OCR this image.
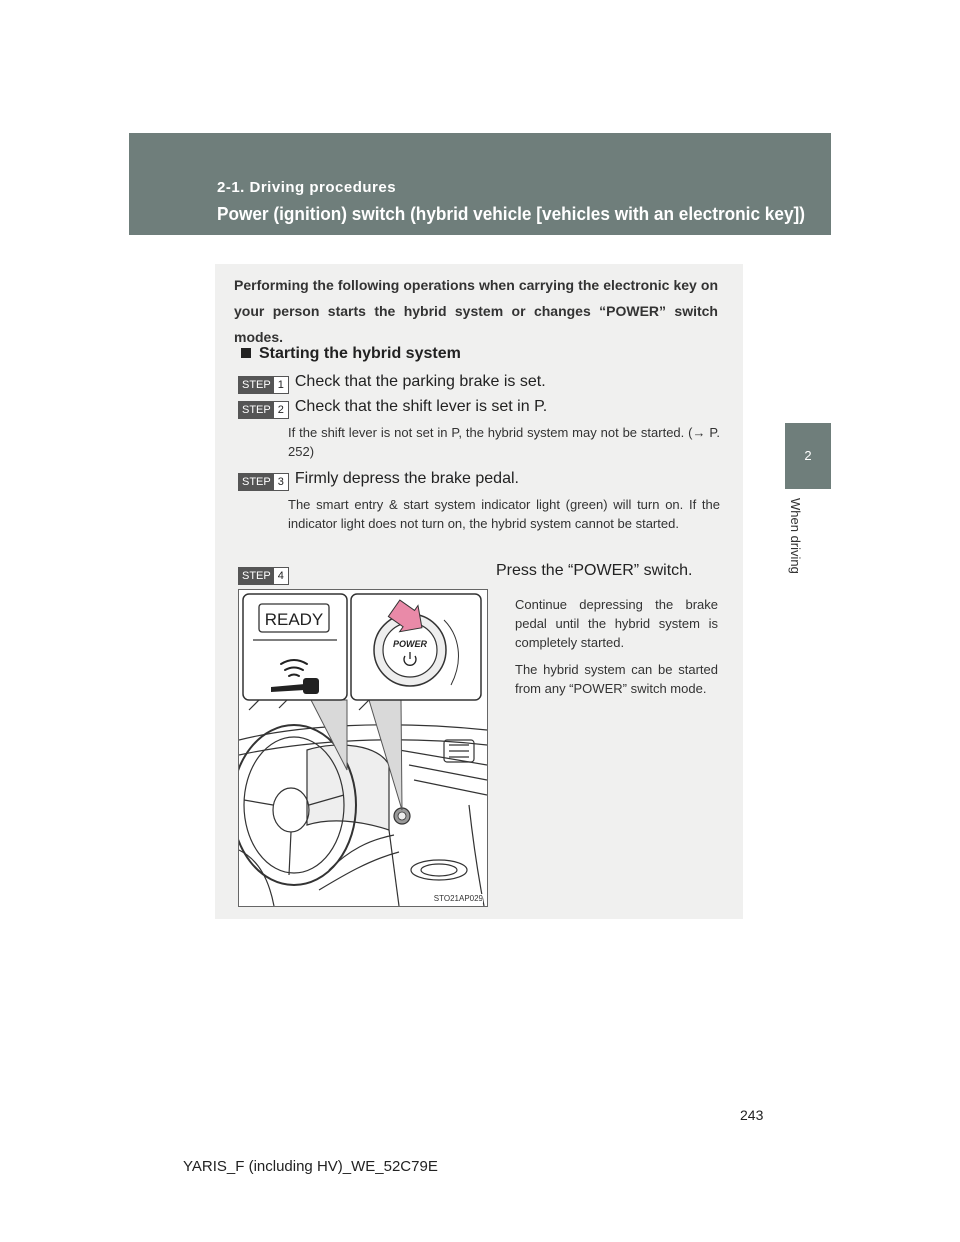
2-1. Driving procedures
Power (ignition) switch (hybrid vehicle [vehicles with an electronic key])
2
When driving
Performing the following operations when carrying the electronic key on your person starts the hybrid system or changes “POWER” switch modes.
Starting the hybrid system
STEP 1 Check that the parking brake is set.
STEP 2 Check that the shift lever is set in P.
If the shift lever is not set in P, the hybrid system may not be started. (→ P. 252)
STEP 3 Firmly depress the brake pedal.
The smart entry & start system indicator light (green) will turn on. If the indicator light does not turn on, the hybrid system cannot be started.
STEP 4	Press the “POWER” switch.
Continue depressing the brake pedal until the hybrid system is completely started.
The hybrid system can be started from any “POWER” switch mode.
READY
POWER
STO21AP029
243
YARIS_F (including HV)_WE_52C79E
